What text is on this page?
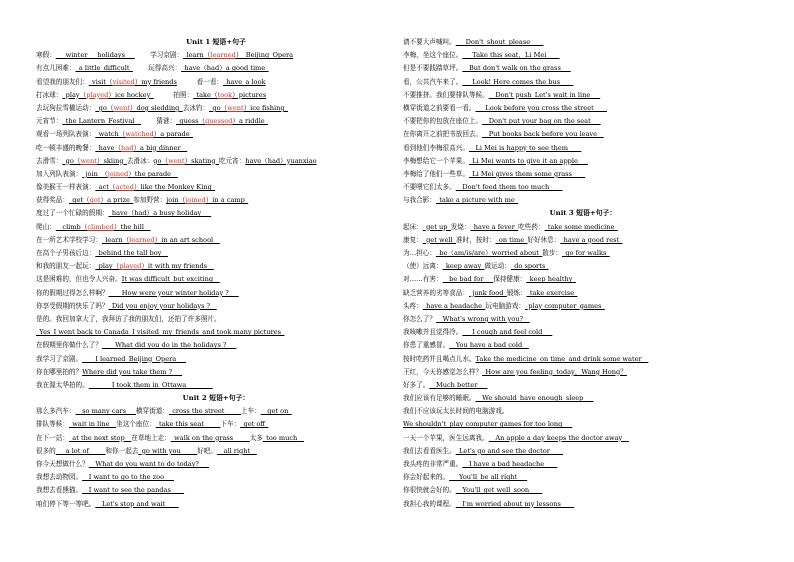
Unit 1 短语+句子
寒假：___winter___holidays___　　 学习京剧：_learn（learned）_Beijing_Opera
有点儿困难：_a little_difficult_　　 玩得高兴：_have（had）a good time_
看望我的朋友们：_visit（visited）my friends　　　看一看：_have_a look
打冰球：_play（played）ice hockey_　　　拍照：_take（took）pictures
去玩狗拉雪橇运动：_go（went）dog sledding_去冰钓：_go（went）ice fishing_
元宵节：_the Lantern_Festival__　　 猜谜：_guess（guessed）a riddle_
观看一场列队表演：_watch（watched）a parade_
吃一顿丰盛的晚餐：_have（had）a big dinner__
去滑雪：_go（went）skiing_去滑冰：go（went）skating_吃元宵：have（had）yuanxiao
加入列队表演：_join_（joined）the parade__
像美猴王一样表演：_act（acted）like the Monkey King_
获得奖品：_get（got）a prize_参加野营：join（joined）in a camp_
度过了一个忙碌的假期：_have（had）a busy holiday___
爬山：__climb（climbed）the hill__
在一所艺术学校学习：_learn（learned）in an art school__
在高个子男孩后边：_behind the tall boy__
和我的朋友一起玩：_play（played）it with my friends__
这是困难的，但也令人兴奋。It was difficult_but exciting__
你的假期过得怎么样啊？____How were your winter holiday ?___
你享受假期的快乐了吗？_Did you enjoy your holidays ?__
是的。我回加拿大了，我拜访了我的朋友们，还拍了许多照片。
_Yes_I went back to Canada_I visited_my_friends_and took many pictures_
在假期里你做什么了？____What did you do in the holidays ?___
我学习了京剧。____I learned_Beijing_Opera___
你在哪里拍的？Where did you take them ?___
我在渥太华拍的。_______I took them in_Ottawa________
Unit 2 短语+句子：
那么多汽车：__so many cars___横穿街道：_cross the street_____上车：__get on_
排队等候：_wait in line__坐这个座位：_take this seat_____下车：_get off_
在下一站：_at the next stop__在草地上走：_walk on the grass_____太多_too much__
很多的___a lot of_____和你一起去_go with you_____好吧。__all right__
你今天想做什么？__What do you want to do today?___
我想去动物园。__I want to go to the zoo___
我想去看熊猫。__I want to see the pandas____
咱们停下等一等吧。__Let's stop and wait____
请不要大声喊叫。___Don't_shout_please____
李梅，坐这个座位。___Take this seat，Li Mei____
但是不要践踏草坪。__But don't walk on the grass___
看，公共汽车来了。___Look! Here comes the bus____
不要推挤。我们要排队等候。__Don't push_Let's wait in line___
横穿街道之前要看一看。___Look before you cross the street____
不要把你的包放在座位上。__Don't put your bag on the seat___
在你离开之前把书放回去。__Put books back before you leave__
看到他们李梅很高兴。__Li Mei is happy to see them____
李梅想给它一个苹果。_Li Mei wants to give it an apple___
李梅给了他们一些草。_Li Mei gives them some grass____
不要喂它们太多。__Don't feed them too much____
与我合影：_take a picture with me_
Unit 3 短语+句子：
起床：_get up_发烧：_have a fever_吃些药：_take some medicine_
康复：_get well_准时，按时：_on time_好好休息：_have a good rest_
为…担心：_be（am/is/are）worried about_散步：_go for walks_
（使）远离：_keep away_做运动：_do sports_
对……有害：__be bad for___保持健康：_keep healthy_
缺乏营养的劣等食品：_junk food_锻炼：_take exercise_
头疼：_have a headache_玩电脑游戏：_play computer_games_
你怎么了？__What's wrong with you?__
我咳嗽并且觉得冷。___I cough and feel cold___
你患了重感冒。__You have a bad cold__
按时吃药并且喝点儿水。Take the medicine_on time_and drink some water__
王红，今天你感觉怎么样？_How are you feeling_today，Wang Hong？
好多了。__Much better___
我们应该有足够的睡眠。__We should_have enough_sleep___
我们不应该玩太长时间的电脑游戏。
We shouldn't_play computer games for too long___
一天一个苹果，医生远离我。__An apple a day keeps the doctor away__
我们去看看医生。_Let's go and see the doctor____
我头疼的非常严重。__I have a bad headache____
你会好起来的。___You'll_be all right___
你很快就会好的。__You'll_get well_soon____
我担心我的课程。__I'm worried about my lessons____
